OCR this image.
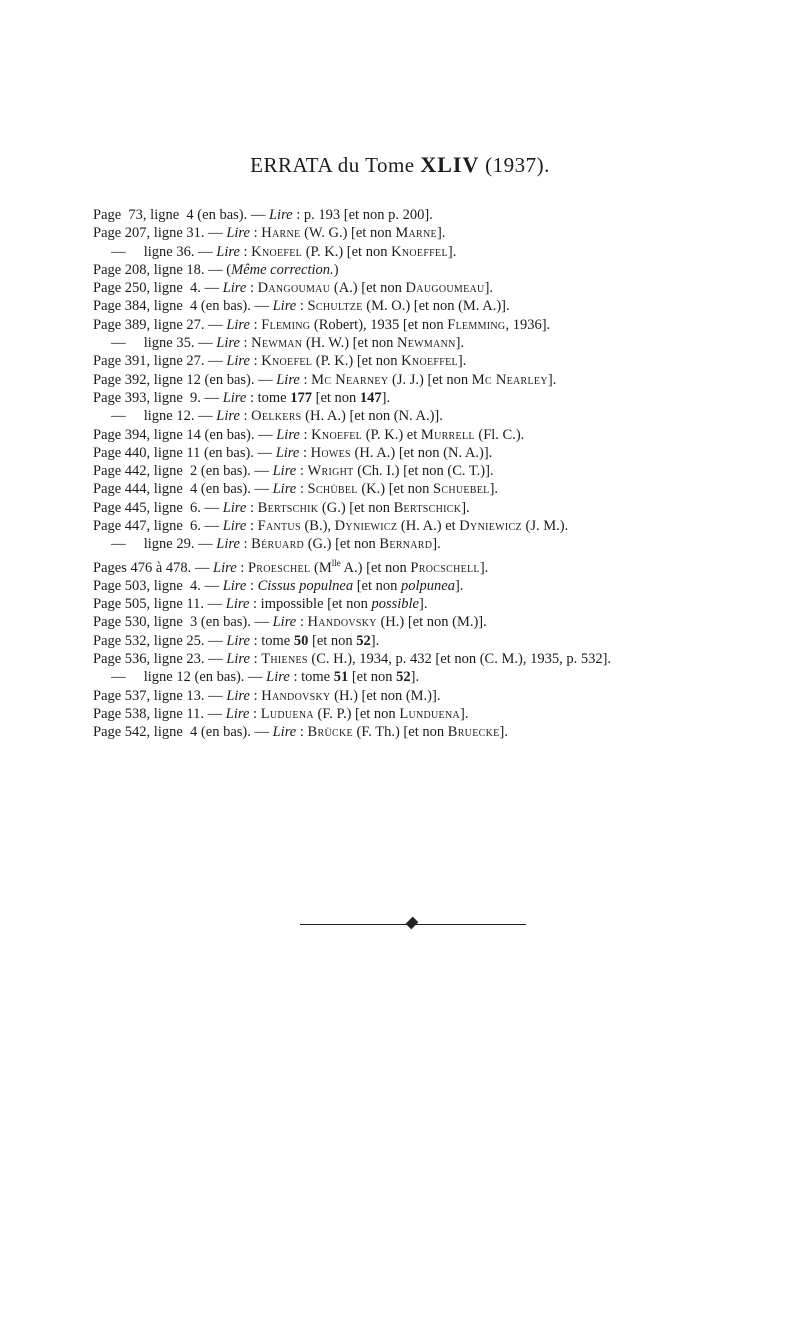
ERRATA du Tome XLIV (1937).
Page  73, ligne  4 (en bas). — Lire : p. 193 [et non p. 200].
Page 207, ligne 31. — Lire : Harne (W. G.) [et non Marne].
—     ligne 36. — Lire : Knoefel (P. K.) [et non Knoeffel].
Page 208, ligne 18. — (Même correction.)
Page 250, ligne  4. — Lire : Dangoumau (A.) [et non Daugoumeau].
Page 384, ligne  4 (en bas). — Lire : Schultze (M. O.) [et non (M. A.)].
Page 389, ligne 27. — Lire : Fleming (Robert), 1935 [et non Flemming, 1936].
—     ligne 35. — Lire : Newman (H. W.) [et non Newmann].
Page 391, ligne 27. — Lire : Knoefel (P. K.) [et non Knoeffel].
Page 392, ligne 12 (en bas). — Lire : Mc Nearney (J. J.) [et non Mc Nearley].
Page 393, ligne  9. — Lire : tome 177 [et non 147].
—     ligne 12. — Lire : Oelkers (H. A.) [et non (N. A.)].
Page 394, ligne 14 (en bas). — Lire : Knoefel (P. K.) et Murrell (Fl. C.).
Page 440, ligne 11 (en bas). — Lire : Howes (H. A.) [et non (N. A.)].
Page 442, ligne  2 (en bas). — Lire : Wright (Ch. I.) [et non (C. T.)].
Page 444, ligne  4 (en bas). — Lire : Schübel (K.) [et non Schuebel].
Page 445, ligne  6. — Lire : Bertschik (G.) [et non Bertschick].
Page 447, ligne  6. — Lire : Fantus (B.), Dyniewicz (H. A.) et Dyniewicz (J. M.).
—     ligne 29. — Lire : Béruard (G.) [et non Bernard].
Pages 476 à 478. — Lire : Proeschel ($M^{lle}$ A.) [et non Procschell].
Page 503, ligne  4. — Lire : Cissus populnea [et non polpunea].
Page 505, ligne 11. — Lire : impossible [et non possible].
Page 530, ligne  3 (en bas). — Lire : Handovsky (H.) [et non (M.)].
Page 532, ligne 25. — Lire : tome 50 [et non 52].
Page 536, ligne 23. — Lire : Thienes (C. H.), 1934, p. 432 [et non (C. M.), 1935, p. 532].
—     ligne 12 (en bas). — Lire : tome 51 [et non 52].
Page 537, ligne 13. — Lire : Handovsky (H.) [et non (M.)].
Page 538, ligne 11. — Lire : Luduena (F. P.) [et non Lunduena].
Page 542, ligne  4 (en bas). — Lire : Brücke (F. Th.) [et non Bruecke].
